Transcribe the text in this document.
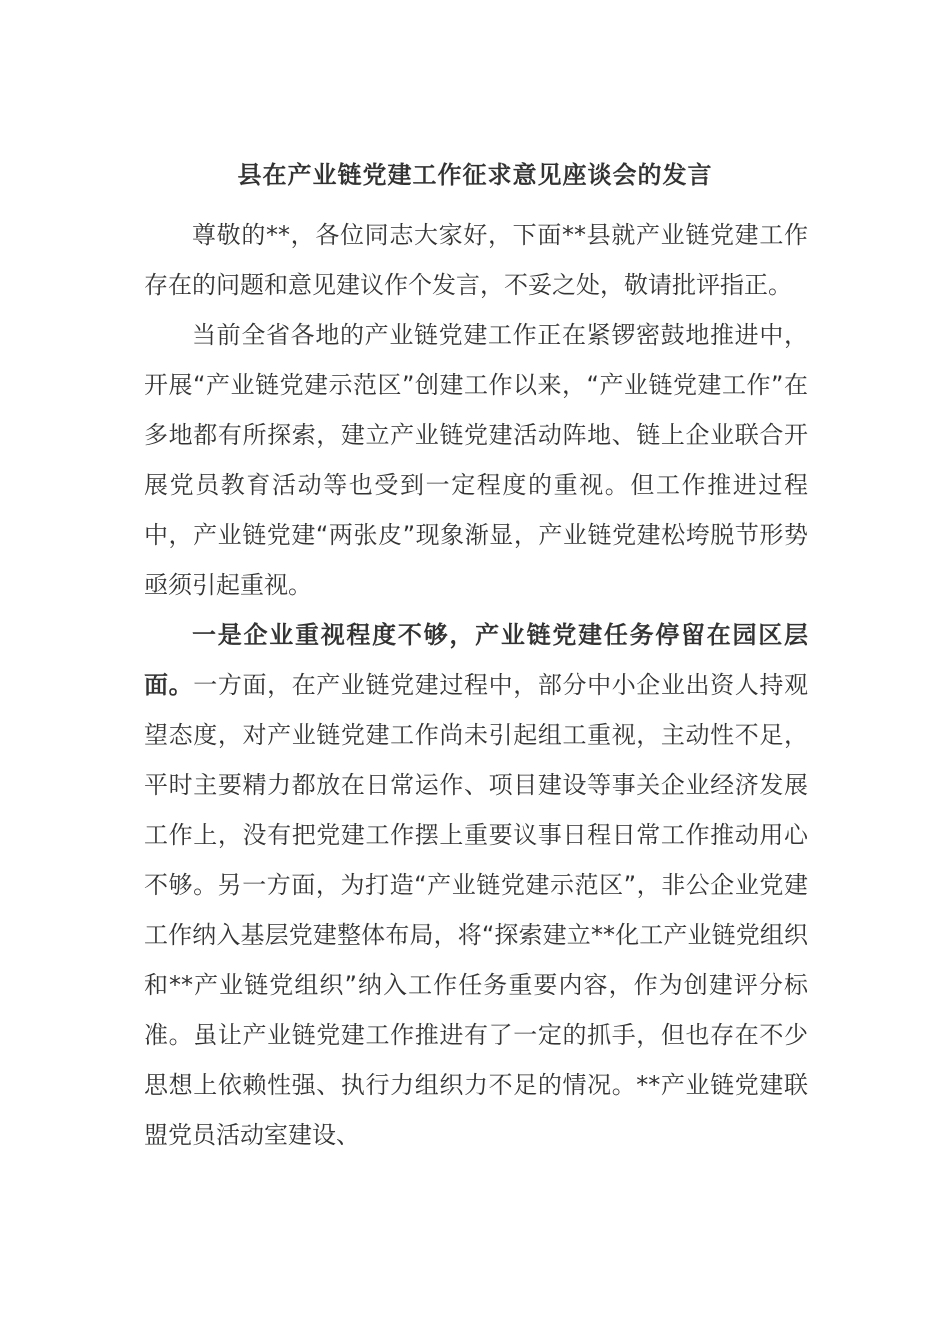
县在产业链党建工作征求意见座谈会的发言

尊敬的**，各位同志大家好，下面**县就产业链党建工作存在的问题和意见建议作个发言，不妥之处，敬请批评指正。

当前全省各地的产业链党建工作正在紧锣密鼓地推进中，开展“产业链党建示范区”创建工作以来，“产业链党建工作”在多地都有所探索，建立产业链党建活动阵地、链上企业联合开展党员教育活动等也受到一定程度的重视。但工作推进过程中，产业链党建“两张皮”现象渐显，产业链党建松垮脱节形势亟须引起重视。

一是企业重视程度不够，产业链党建任务停留在园区层面。一方面，在产业链党建过程中，部分中小企业出资人持观望态度，对产业链党建工作尚未引起组工重视，主动性不足，平时主要精力都放在日常运作、项目建设等事关企业经济发展工作上，没有把党建工作摆上重要议事日程日常工作推动用心不够。另一方面，为打造“产业链党建示范区”，非公企业党建工作纳入基层党建整体布局，将“探索建立**化工产业链党组织和**产业链党组织”纳入工作任务重要内容，作为创建评分标准。虽让产业链党建工作推进有了一定的抓手，但也存在不少思想上依赖性强、执行力组织力不足的情况。**产业链党建联盟党员活动室建设、
